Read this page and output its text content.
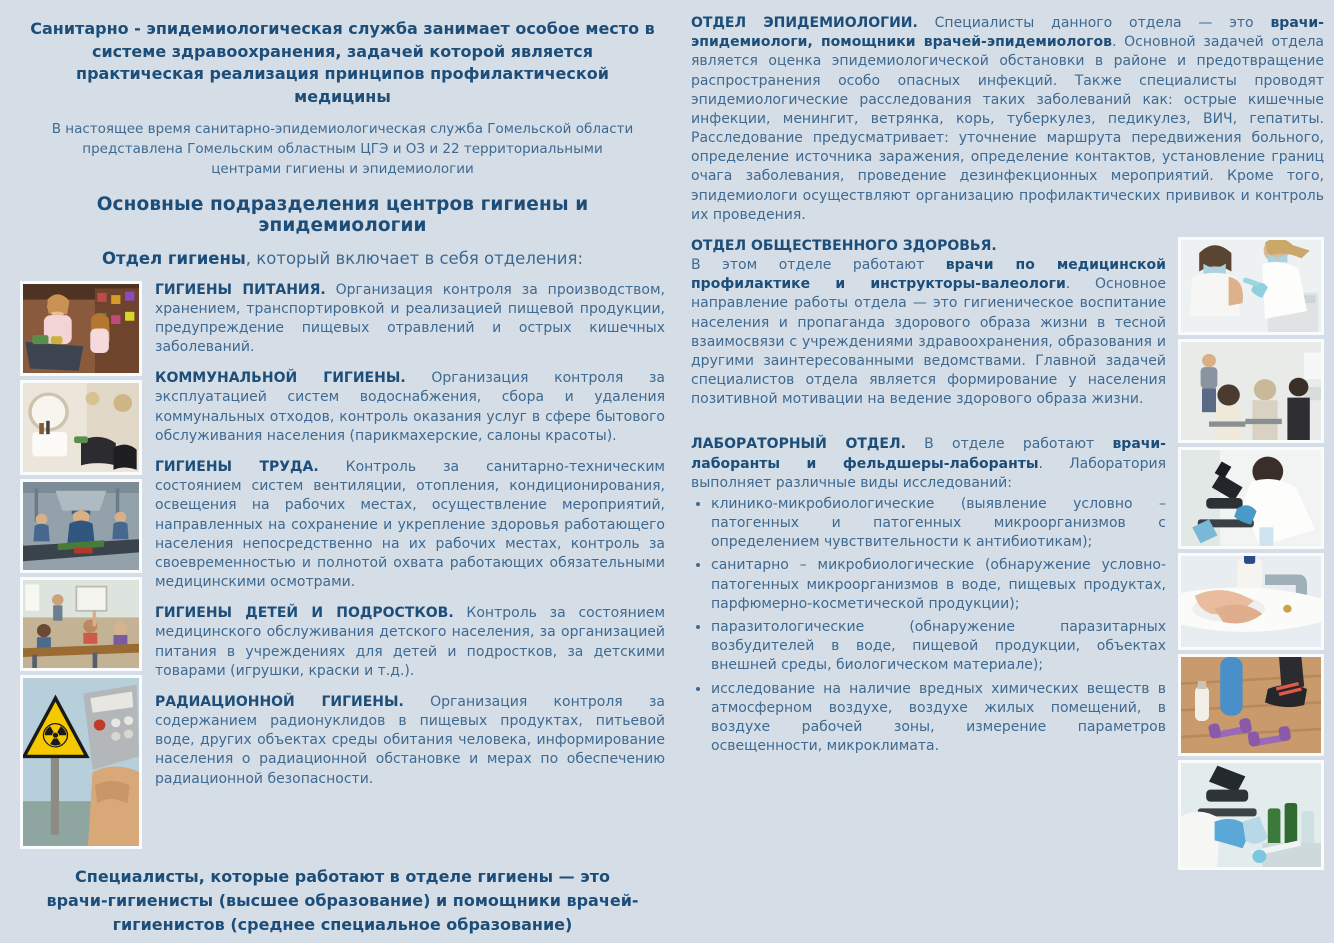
Санитарно - эпидемиологическая служба занимает особое место в системе здравоохранения, задачей которой является практическая реализация принципов профилактической медицины
В настоящее время санитарно-эпидемиологическая служба Гомельской области представлена Гомельским областным ЦГЭ и ОЗ и 22 территориальными центрами гигиены и эпидемиологии
Основные подразделения центров гигиены и эпидемиологии
Отдел гигиены, который включает в себя отделения:
☢

ГИГИЕНЫ ПИТАНИЯ. Организация контроля за производством, хранением, транспортировкой и реализацией пищевой продукции, предупреждение пищевых отравлений и острых кишечных заболеваний.

КОММУНАЛЬНОЙ ГИГИЕНЫ. Организация контроля за эксплуатацией систем водоснабжения, сбора и удаления коммунальных отходов, контроль оказания услуг в сфере бытового обслуживания населения (парикмахерские, салоны красоты).

ГИГИЕНЫ ТРУДА. Контроль за санитарно-техническим состоянием систем вентиляции, отопления, кондиционирования, освещения на рабочих местах, осуществление мероприятий, направленных на сохранение и укрепление здоровья работающего населения непосредственно на их рабочих местах, контроль за своевременностью и полнотой охвата работающих обязательными медицинскими осмотрами.

ГИГИЕНЫ ДЕТЕЙ И ПОДРОСТКОВ. Контроль за состоянием медицинского обслуживания детского населения, за организацией питания в учреждениях для детей и подростков, за детскими товарами (игрушки, краски и т.д.).

РАДИАЦИОННОЙ ГИГИЕНЫ. Организация контроля за содержанием радионуклидов в пищевых продуктах, питьевой воде, других объектах среды обитания человека, информирование населения о радиационной обстановке и мерах по обеспечению радиационной безопасности.

Специалисты, которые работают в отделе гигиены — это врачи-гигиенисты (высшее образование) и помощники врачей-гигиенистов (среднее специальное образование)

ОТДЕЛ ЭПИДЕМИОЛОГИИ. Специалисты данного отдела — это врачи-эпидемиологи, помощники врачей-эпидемиологов. Основной задачей отдела является оценка эпидемиологической обстановки в районе и предотвращение распространения особо опасных инфекций. Также специалисты проводят эпидемиологические расследования таких заболеваний как: острые кишечные инфекции, менингит, ветрянка, корь, туберкулез, педикулез, ВИЧ, гепатиты. Расследование предусматривает: уточнение маршрута передвижения больного, определение источника заражения, определение контактов, установление границ очага заболевания, проведение дезинфекционных мероприятий. Кроме того, эпидемиологи осуществляют организацию профилактических прививок и контроль их проведения.

ОТДЕЛ ОБЩЕСТВЕННОГО ЗДОРОВЬЯ.

В этом отделе работают врачи по медицинской профилактике и инструкторы-валеологи. Основное направление работы отдела — это гигиеническое воспитание населения и пропаганда здорового образа жизни в тесной взаимосвязи с учреждениями здравоохранения, образования и другими заинтересованными ведомствами. Главной задачей специалистов отдела является формирование у населения позитивной мотивации на ведение здорового образа жизни.

ЛАБОРАТОРНЫЙ ОТДЕЛ. В отделе работают врачи-лаборанты и фельдшеры-лаборанты. Лаборатория выполняет различные виды исследований:

• клинико-микробиологические (выявление условно – патогенных и патогенных микроорганизмов с определением чувствительности к антибиотикам);
• санитарно – микробиологические (обнаружение условно-патогенных микроорганизмов в воде, пищевых продуктах, парфюмерно-косметической продукции);
• паразитологические (обнаружение паразитарных возбудителей в воде, пищевой продукции, объектах внешней среды, биологическом материале);
• исследование на наличие вредных химических веществ в атмосферном воздухе, воздухе жилых помещений, в воздухе рабочей зоны, измерение параметров освещенности, микроклимата.
